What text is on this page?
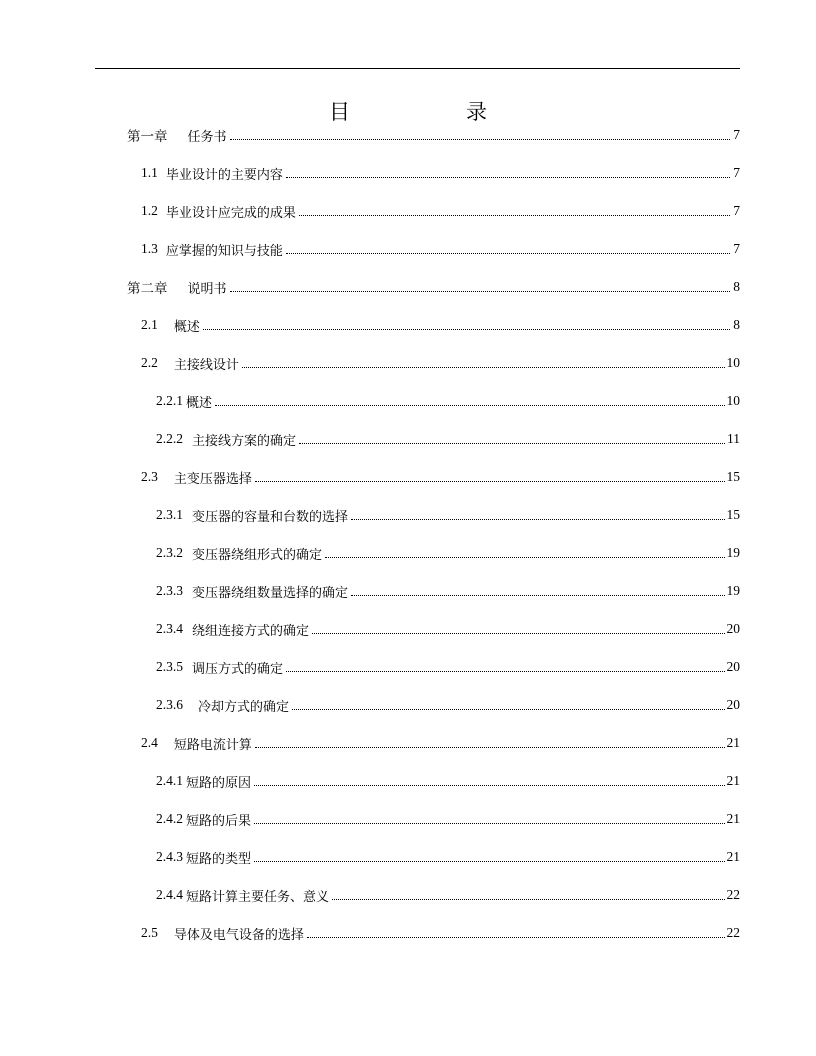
目	录
第一章 任务书	7
1.1 毕业设计的主要内容	7
1.2 毕业设计应完成的成果	7
1.3 应掌握的知识与技能	7
第二章 说明书	8
2.1 概述	8
2.2 主接线设计	10
2.2.1 概述	10
2.2.2 主接线方案的确定	11
2.3 主变压器选择	15
2.3.1 变压器的容量和台数的选择	15
2.3.2 变压器绕组形式的确定	19
2.3.3 变压器绕组数量选择的确定	19
2.3.4 绕组连接方式的确定	20
2.3.5 调压方式的确定	20
2.3.6 冷却方式的确定	20
2.4 短路电流计算	21
2.4.1 短路的原因	21
2.4.2 短路的后果	21
2.4.3 短路的类型	21
2.4.4 短路计算主要任务、意义	22
2.5 导体及电气设备的选择	22
